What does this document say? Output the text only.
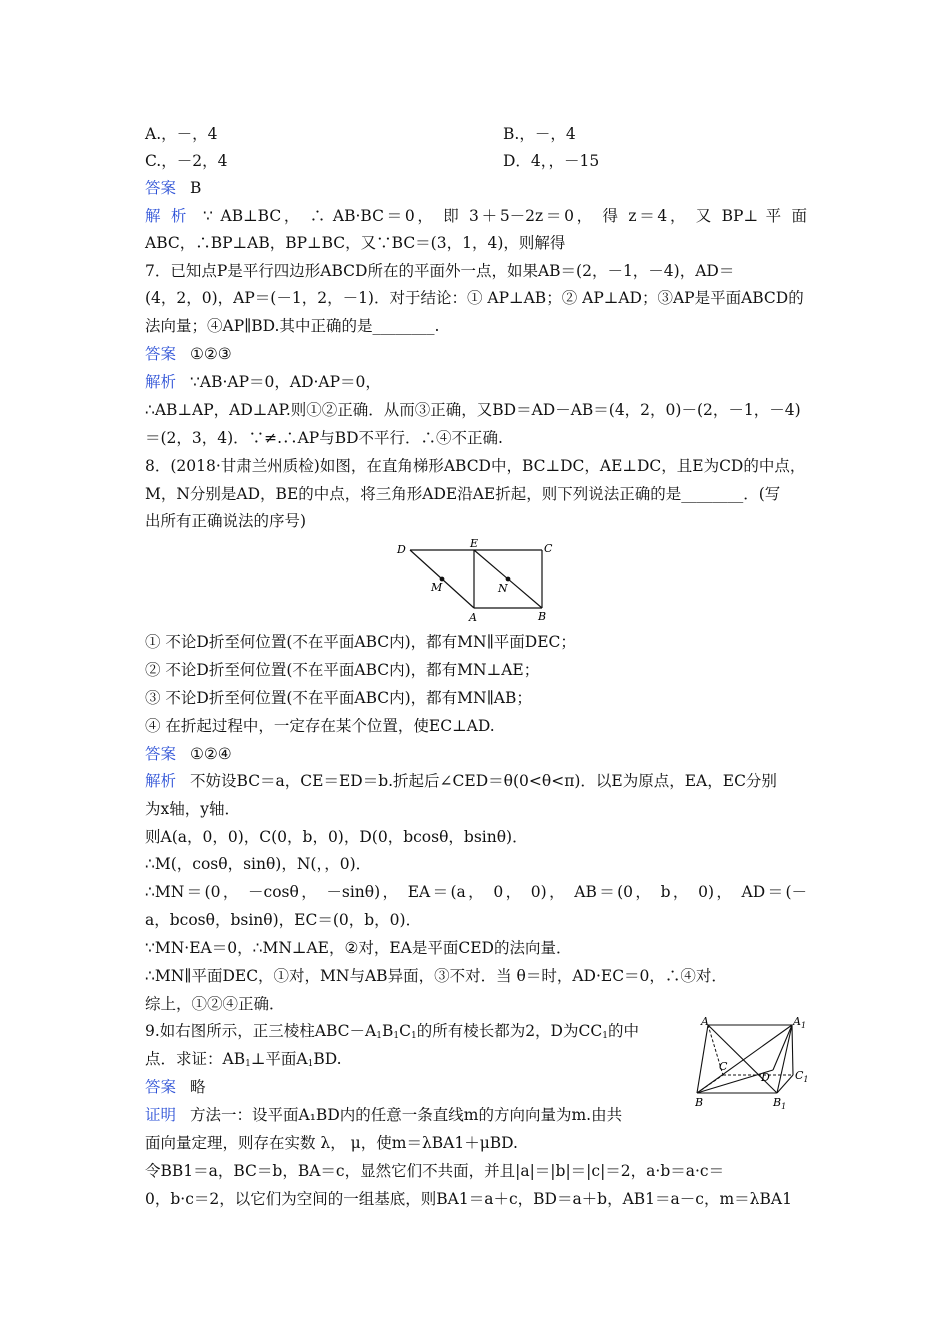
A.，－，4	B.，－，4
C.，－2，4	D．4，，－15
答案 B
解 析 ∵ AB⊥BC， ∴ AB·BC＝0， 即 3＋5－2z＝0， 得 z＝4， 又 BP⊥ 平 面
ABC，∴BP⊥AB，BP⊥BC，又∵BC＝(3，1，4)，则解得
7．已知点P是平行四边形ABCD所在的平面外一点，如果AB＝(2，－1，－4)，AD＝
(4，2，0)，AP＝(－1，2，－1)．对于结论：① AP⊥AB；② AP⊥AD；③AP是平面ABCD的
法向量；④AP∥BD.其中正确的是________.
答案 ①②③
解析 ∵AB·AP＝0，AD·AP＝0，
∴AB⊥AP，AD⊥AP.则①②正确．从而③正确，又BD＝AD－AB＝(4，2，0)－(2，－1，－4)
＝(2，3，4)．∵≠.∴AP与BD不平行．∴④不正确.
8．(2018·甘肃兰州质检)如图，在直角梯形ABCD中，BC⊥DC，AE⊥DC，且E为CD的中点，
M，N分别是AD，BE的中点，将三角形ADE沿AE折起，则下列说法正确的是________．(写
出所有正确说法的序号)
D	E	C
M	N
A	B
① 不论D折至何位置(不在平面ABC内)，都有MN∥平面DEC；
② 不论D折至何位置(不在平面ABC内)，都有MN⊥AE；
③ 不论D折至何位置(不在平面ABC内)，都有MN∥AB；
④ 在折起过程中，一定存在某个位置，使EC⊥AD.
答案 ①②④
解析 不妨设BC＝a，CE＝ED＝b.折起后∠CED＝θ(0<θ<π)．以E为原点，EA，EC分别
为x轴，y轴．
则A(a，0，0)，C(0，b，0)，D(0，bcosθ，bsinθ)．
∴M(，cosθ，sinθ)，N(，，0)．
∴MN＝(0， －cosθ， －sinθ)， EA＝(a， 0， 0)， AB＝(0， b， 0)， AD＝(－
a，bcosθ，bsinθ)，EC＝(0，b，0)．
∵MN·EA＝0，∴MN⊥AE，②对，EA是平面CED的法向量．
∴MN∥平面DEC，①对，MN与AB异面，③不对．当 θ＝时，AD·EC＝0，∴④对．
综上，①②④正确．
9.如右图所示，正三棱柱$ABC-A_1B_1C_1$的所有棱长都为2，D为$CC_1$的中
点．求证：$AB_1\perp$平面$A_1BD$.
A	$A_1$
C
D $C_1$
B	$B_1$
答案 略
证明 方法一：设平面A₁BD内的任意一条直线m的方向向量为m.由共
面向量定理，则存在实数 λ， μ，使m＝λBA1＋μBD.
令BB1＝a，BC＝b，BA＝c，显然它们不共面，并且|a|＝|b|＝|c|＝2，a·b＝a·c＝
0，b·c＝2，以它们为空间的一组基底，则BA1＝a＋c，BD＝a＋b，AB1＝a－c，m＝λBA1
